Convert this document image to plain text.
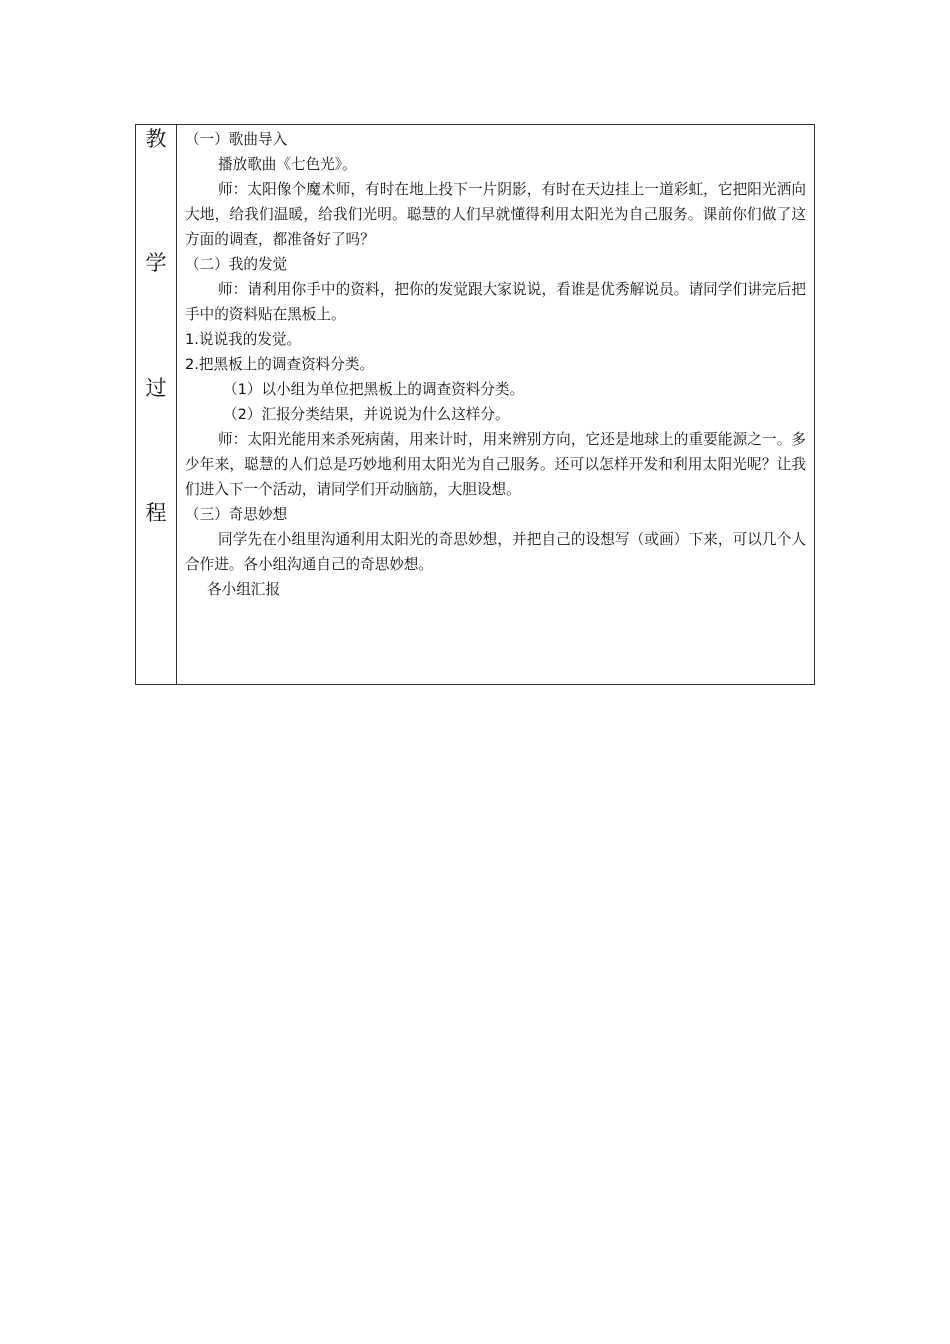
教
学
过
程

（一）歌曲导入

播放歌曲《七色光》。

师：太阳像个魔术师，有时在地上投下一片阴影，有时在天边挂上一道彩虹，它把阳光洒向大地，给我们温暖，给我们光明。聪慧的人们早就懂得利用太阳光为自己服务。课前你们做了这方面的调查，都准备好了吗？

（二）我的发觉

师：请利用你手中的资料，把你的发觉跟大家说说，看谁是优秀解说员。请同学们讲完后把手中的资料贴在黑板上。

1.说说我的发觉。

2.把黑板上的调查资料分类。

（1）以小组为单位把黑板上的调查资料分类。

（2）汇报分类结果，并说说为什么这样分。

师：太阳光能用来杀死病菌，用来计时，用来辨别方向，它还是地球上的重要能源之一。多少年来，聪慧的人们总是巧妙地利用太阳光为自己服务。还可以怎样开发和利用太阳光呢？让我们进入下一个活动，请同学们开动脑筋，大胆设想。

（三）奇思妙想

同学先在小组里沟通利用太阳光的奇思妙想，并把自己的设想写（或画）下来，可以几个人合作进。各小组沟通自己的奇思妙想。

各小组汇报
